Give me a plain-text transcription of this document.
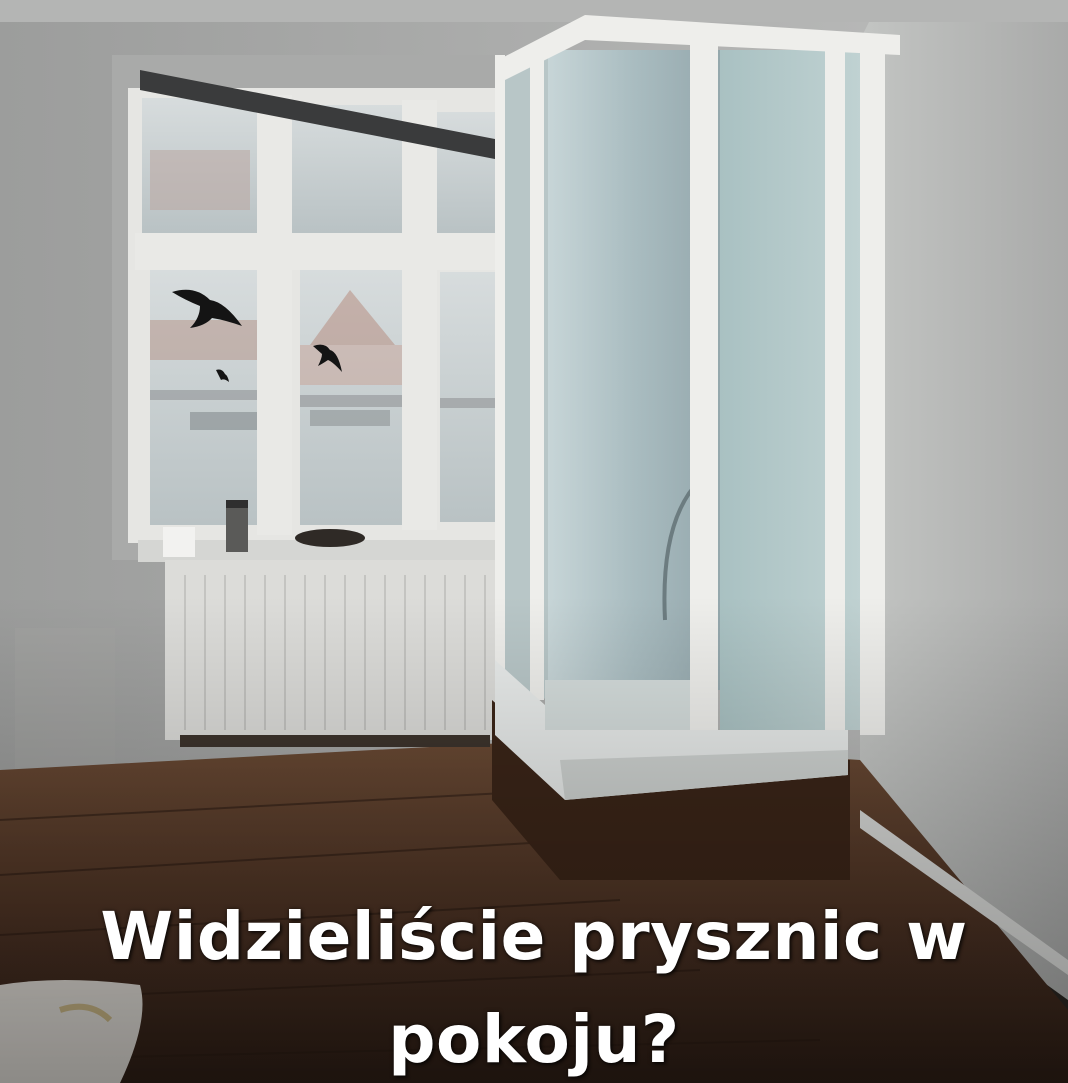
Widzieliście prysznic w
pokoju?
